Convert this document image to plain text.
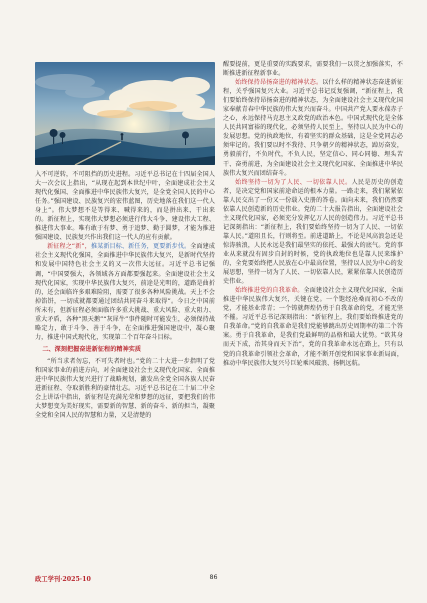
入不可逆转，不可阻挡的历史进程。习近平总书记在十四届全国人大一次会议上指出，“从现在起到本世纪中叶，全面建成社会主义现代化强国、全面推进中华民族伟大复兴，是全党全国人民的中心任务。”强国建设、民族复兴的宏伟蓝图，历史地落在我们这一代人身上”。伟大梦想不是等得来、喊得来的，而是拼出来、干出来的。新征程上，实现伟大梦想必须进行伟大斗争、建设伟大工程、推进伟大事业。唯有敢于有梦、勇于追梦、勤于圆梦，才能为推进强国建设、民族复兴作出我们这一代人的应有贡献。

新征程之“新”，推某新目标、新任务，更要新步伐。全面建成社会主义现代化强国，全面推进中华民族伟大复兴，是新时代坚持和发展中国特色社会主义的又一次伟大远征。习近平总书记强调，“中国要强大，各领域各方面都要强起来。全面建设社会主义现代化国家，实现中华民族伟大复兴，前途是光明的，道路是曲折的，还会面临许多艰难险阻，需要了很多各种风险挑战。天上不会掉馅饼，一切成就都要通过团结共同奋斗来取得”。今日之中国前所未有，但新征程必须面临许多重大挑战、重大风险、重大阻力、重大矛盾，各种“黑天鹅”“灰犀牛”事件随时可能发生，必须保持战略定力，敢于斗争、善于斗争，在全面推进强国建设中，凝心聚力，推进中国式现代化，实现第二个百年奋斗目标。

二、深刻把握奋进新征程的精神实质

“所当求者勿忘，不可失者时也。”党的二十大进一步指明了党和国家事业的前进方向，对全面建设社会主义现代化国家、全面推进中华民族伟大复兴进行了战略规划，激发出全党全国各族人民奋进新征程、夺取新胜利的豪情壮志。习近平总书记在二十届二中全会上讲话中指出，新征程是充满光荣和梦想的远征，要把我们的伟大梦想变为美好现实，需要新的智慧、新的奋斗、新的担当，凝聚全党和全国人民的智慧和力量，又是清楚的

醒要提前，更是重要的实践要求，需要我们一以贯之加强落实，不断推进新征程新事业。

始终保持昂扬奋进的精神状态。以什么样的精神状态奋进新征程，关乎强国复兴大业。习近平总书记反复强调，“新征程上，我们要始终保持昂扬奋进的精神状态，为全面建设社会主义现代化国家奉献青春中华民族的伟大复兴而奋斗。中国共产党人要永葆赤子之心，永远保持马克思主义政党的政治本色。中国式现代化是全体人民共同富裕的现代化，必须坚持人民至上，坚持以人民为中心的发展思想。党的执政地位，有着坚实的群众基础，这是全党同志必须牢记的。我们要以时不我待、只争朝夕的精神状态，踔厉奋发，勇毅前行，不负时代，不负人民，坚定信心、同心同德、埋头苦干、奋勇前进，为全面建设社会主义现代化国家、全面推进中华民族伟大复兴而团结奋斗。

始终坚持一切为了人民、一切依靠人民。人民是历史的创造者，是决定党和国家前途命运的根本力量。一路走来，我们紧紧依靠人民交出了一份又一份载入史册的答卷。面向未来，我们仍然要依靠人民创造新的历史伟业。党的二十大报告指出，全面建设社会主义现代化国家，必须充分发挥亿万人民的创造伟力。习近平总书记深刻指出：“新征程上，我们要始终坚持一切为了人民、一切依靠人民。”道阻且长，行则将至。前进道路上，不论是风高浪急还是惊涛骇浪，人民永远是我们最坚实的依托、最强大的底气。党的事业从来就没有固步自封的时候，党的执政地位也是靠人民来维护的，全党要始终把人民放在心中最高位置，坚持以人民为中心的发展思想，坚持一切为了人民、一切依靠人民，紧紧依靠人民创造历史伟业。

始终推进党的自我革命。全面建设社会主义现代化国家，全面推进中华民族伟大复兴，关键在党。一个饱经沧桑而初心不改的党，才能基业常青；一个铸就辉煌仍勇于自我革命的党，才能无坚不摧。习近平总书记深刻指出：“新征程上，我们要始终推进党的自我革命。”党的自我革命是我们党能够跳出历史周期率的第二个答案。勇于自我革命，是我们党最鲜明的品格和最大优势。“欲其身而天下成，治其身而天下治”，党的自我革命永远在路上，只有以党的自我革命引领社会革命，才能不断开创党和国家事业新局面，推动中华民族伟大复兴号巨轮乘风破浪、扬帆远航。

政工学刊·2025·10	86
